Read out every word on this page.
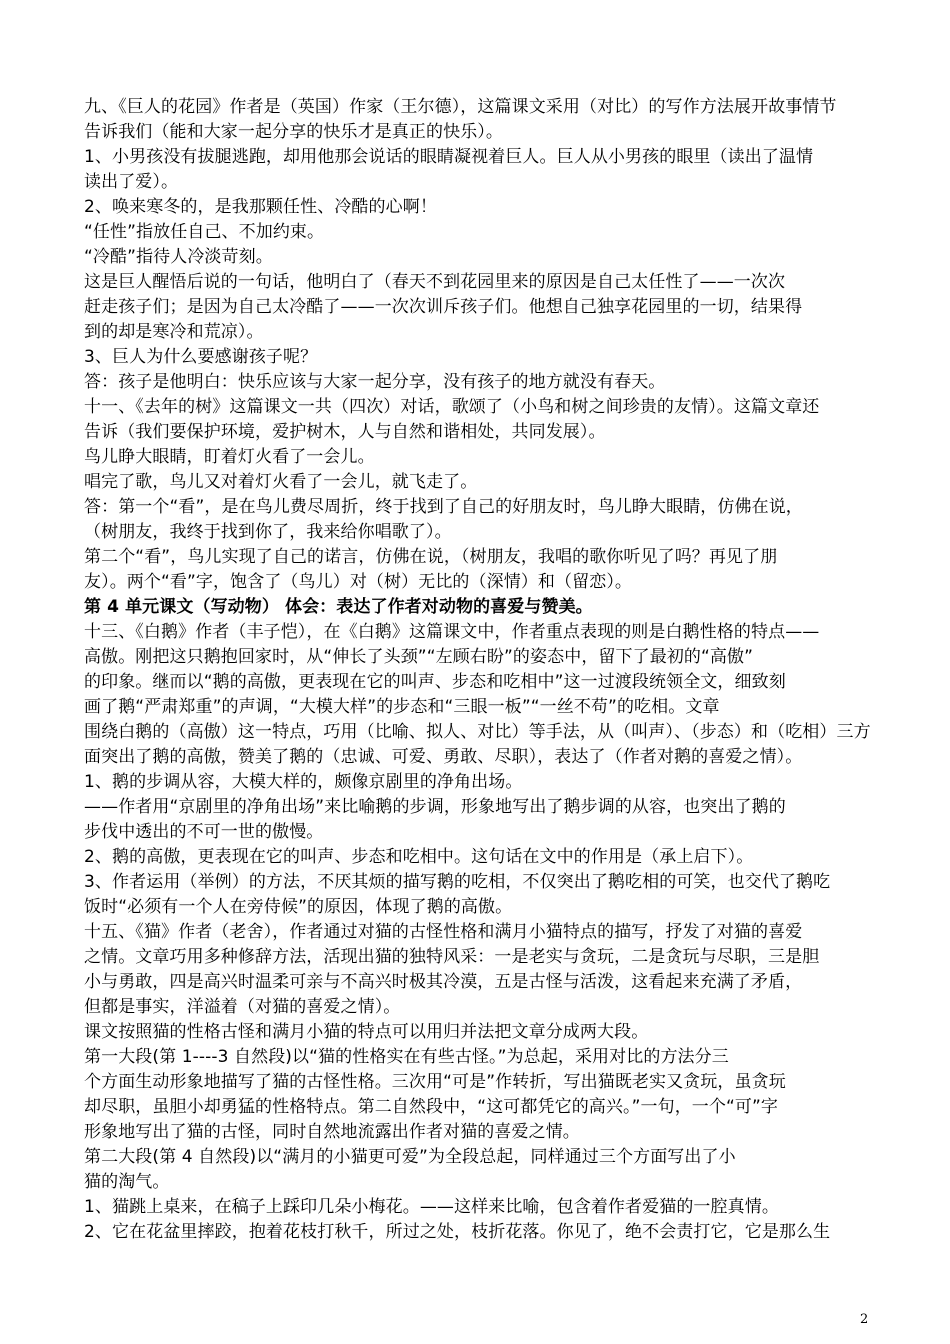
九、《巨人的花园》作者是（英国）作家（王尔德），这篇课文采用（对比）的写作方法展开故事情节
告诉我们（能和大家一起分享的快乐才是真正的快乐）。
1、小男孩没有拔腿逃跑，却用他那会说话的眼睛凝视着巨人。巨人从小男孩的眼里（读出了温情
读出了爱）。
2、唤来寒冬的，是我那颗任性、冷酷的心啊！
“任性”指放任自己、不加约束。
“冷酷”指待人冷淡苛刻。
这是巨人醒悟后说的一句话，他明白了（春天不到花园里来的原因是自己太任性了——一次次
赶走孩子们；是因为自己太冷酷了——一次次训斥孩子们。他想自己独享花园里的一切，结果得
到的却是寒冷和荒凉）。
3、巨人为什么要感谢孩子呢？
答：孩子是他明白：快乐应该与大家一起分享，没有孩子的地方就没有春天。
十一、《去年的树》这篇课文一共（四次）对话，歌颂了（小鸟和树之间珍贵的友情）。这篇文章还
告诉（我们要保护环境，爱护树木，人与自然和谐相处，共同发展）。
鸟儿睁大眼睛，盯着灯火看了一会儿。
唱完了歌，鸟儿又对着灯火看了一会儿，就飞走了。
答：第一个“看”，是在鸟儿费尽周折，终于找到了自己的好朋友时，鸟儿睁大眼睛，仿佛在说，
（树朋友，我终于找到你了，我来给你唱歌了）。
第二个“看”，鸟儿实现了自己的诺言，仿佛在说，（树朋友，我唱的歌你听见了吗？再见了朋
友）。两个“看”字，饱含了（鸟儿）对（树）无比的（深情）和（留恋）。
第 4 单元课文（写动物） 体会：表达了作者对动物的喜爱与赞美。
十三、《白鹅》作者（丰子恺），在《白鹅》这篇课文中，作者重点表现的则是白鹅性格的特点——
高傲。刚把这只鹅抱回家时，从“伸长了头颈”“左顾右盼”的姿态中，留下了最初的“高傲”
的印象。继而以“鹅的高傲，更表现在它的叫声、步态和吃相中”这一过渡段统领全文，细致刻
画了鹅“严肃郑重”的声调，“大模大样”的步态和“三眼一板”“一丝不苟”的吃相。文章
围绕白鹅的（高傲）这一特点，巧用（比喻、拟人、对比）等手法，从（叫声）、（步态）和（吃相）三方
面突出了鹅的高傲，赞美了鹅的（忠诚、可爱、勇敢、尽职），表达了（作者对鹅的喜爱之情）。
1、鹅的步调从容，大模大样的，颇像京剧里的净角出场。
——作者用“京剧里的净角出场”来比喻鹅的步调，形象地写出了鹅步调的从容，也突出了鹅的
步伐中透出的不可一世的傲慢。
2、鹅的高傲，更表现在它的叫声、步态和吃相中。这句话在文中的作用是（承上启下）。
3、作者运用（举例）的方法，不厌其烦的描写鹅的吃相，不仅突出了鹅吃相的可笑，也交代了鹅吃
饭时“必须有一个人在旁侍候”的原因，体现了鹅的高傲。
十五、《猫》作者（老舍），作者通过对猫的古怪性格和满月小猫特点的描写，抒发了对猫的喜爱
之情。文章巧用多种修辞方法，活现出猫的独特风采：一是老实与贪玩，二是贪玩与尽职，三是胆
小与勇敢，四是高兴时温柔可亲与不高兴时极其冷漠，五是古怪与活泼，这看起来充满了矛盾，
但都是事实，洋溢着（对猫的喜爱之情）。
课文按照猫的性格古怪和满月小猫的特点可以用归并法把文章分成两大段。
第一大段(第 1----3 自然段)以“猫的性格实在有些古怪。”为总起，采用对比的方法分三
个方面生动形象地描写了猫的古怪性格。三次用“可是”作转折，写出猫既老实又贪玩，虽贪玩
却尽职，虽胆小却勇猛的性格特点。第二自然段中，“这可都凭它的高兴。”一句，一个“可”字
形象地写出了猫的古怪，同时自然地流露出作者对猫的喜爱之情。
第二大段(第 4 自然段)以“满月的小猫更可爱”为全段总起，同样通过三个方面写出了小
猫的淘气。
1、猫跳上桌来，在稿子上踩印几朵小梅花。——这样来比喻，包含着作者爱猫的一腔真情。
2、它在花盆里摔跤，抱着花枝打秋千，所过之处，枝折花落。你见了，绝不会责打它，它是那么生
2
